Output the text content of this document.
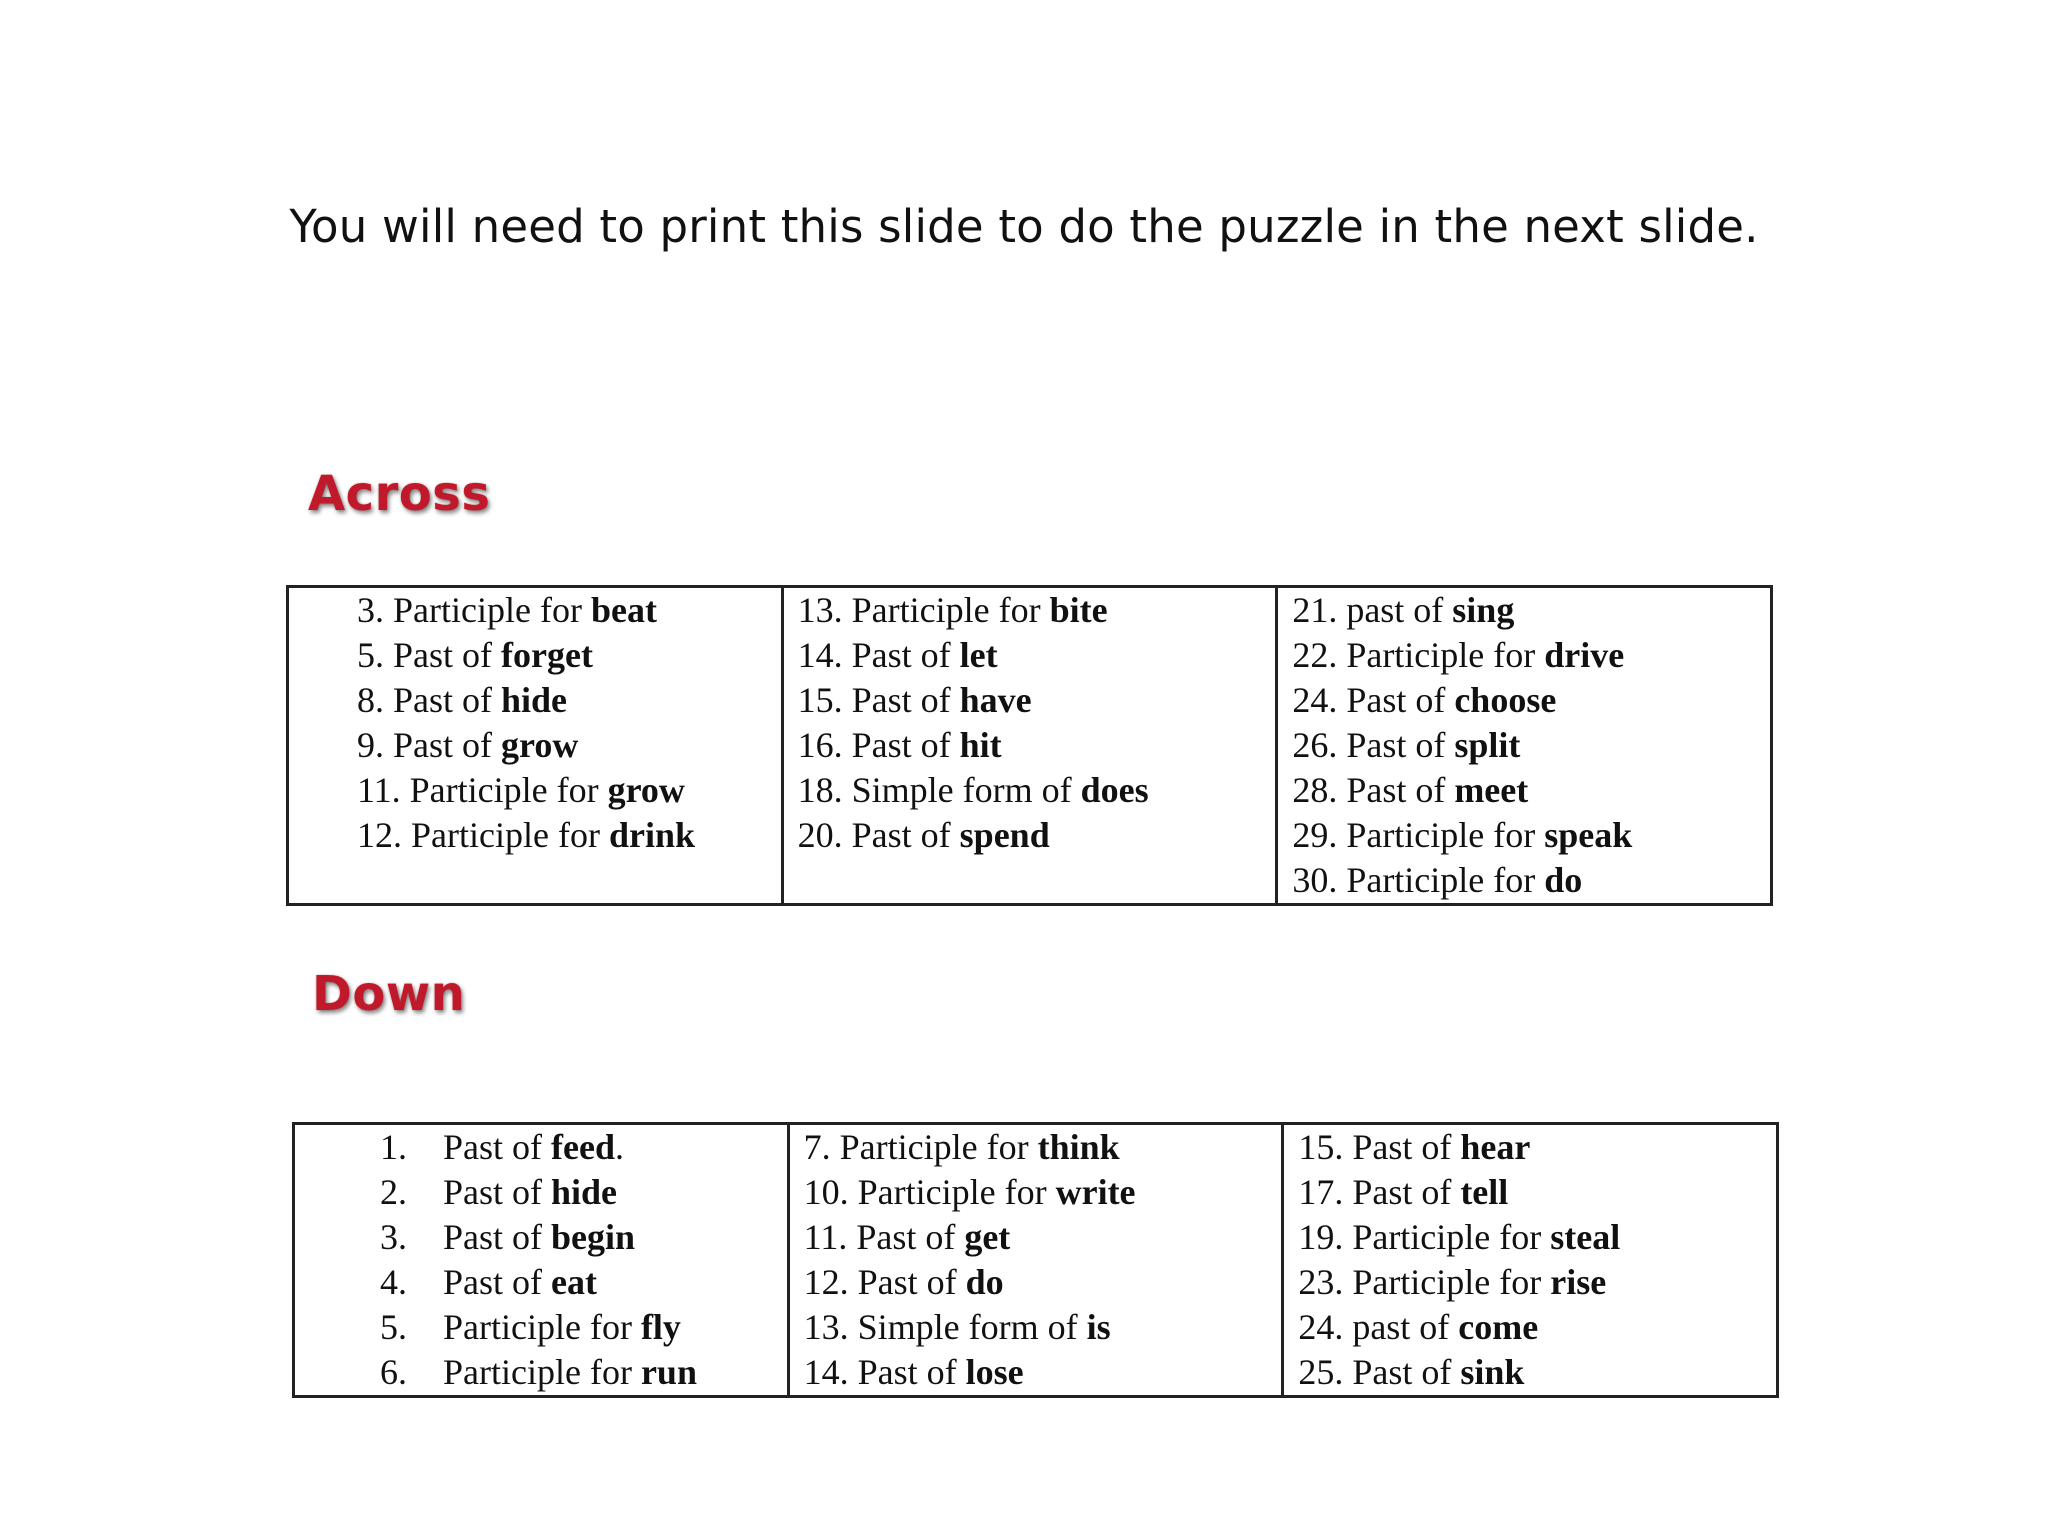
You will need to print this slide to do the puzzle in the next slide.
Across
3. Participle for beat
5. Past of forget
8. Past of hide
9. Past of grow
11. Participle for grow
12. Participle for drink

13. Participle for bite
14. Past of let
15. Past of have
16. Past of hit
18. Simple form of does
20. Past of spend

21. past of sing
22. Participle for drive
24. Past of choose
26. Past of split
28. Past of meet
29. Participle for speak
30. Participle for do
Down
1. Past of feed.
2. Past of hide
3. Past of begin
4. Past of eat
5. Participle for fly
6. Participle for run

7. Participle for think
10. Participle for write
11. Past of get
12. Past of do
13. Simple form of is
14. Past of lose

15. Past of hear
17. Past of tell
19. Participle for steal
23. Participle for rise
24. past of come
25. Past of sink
